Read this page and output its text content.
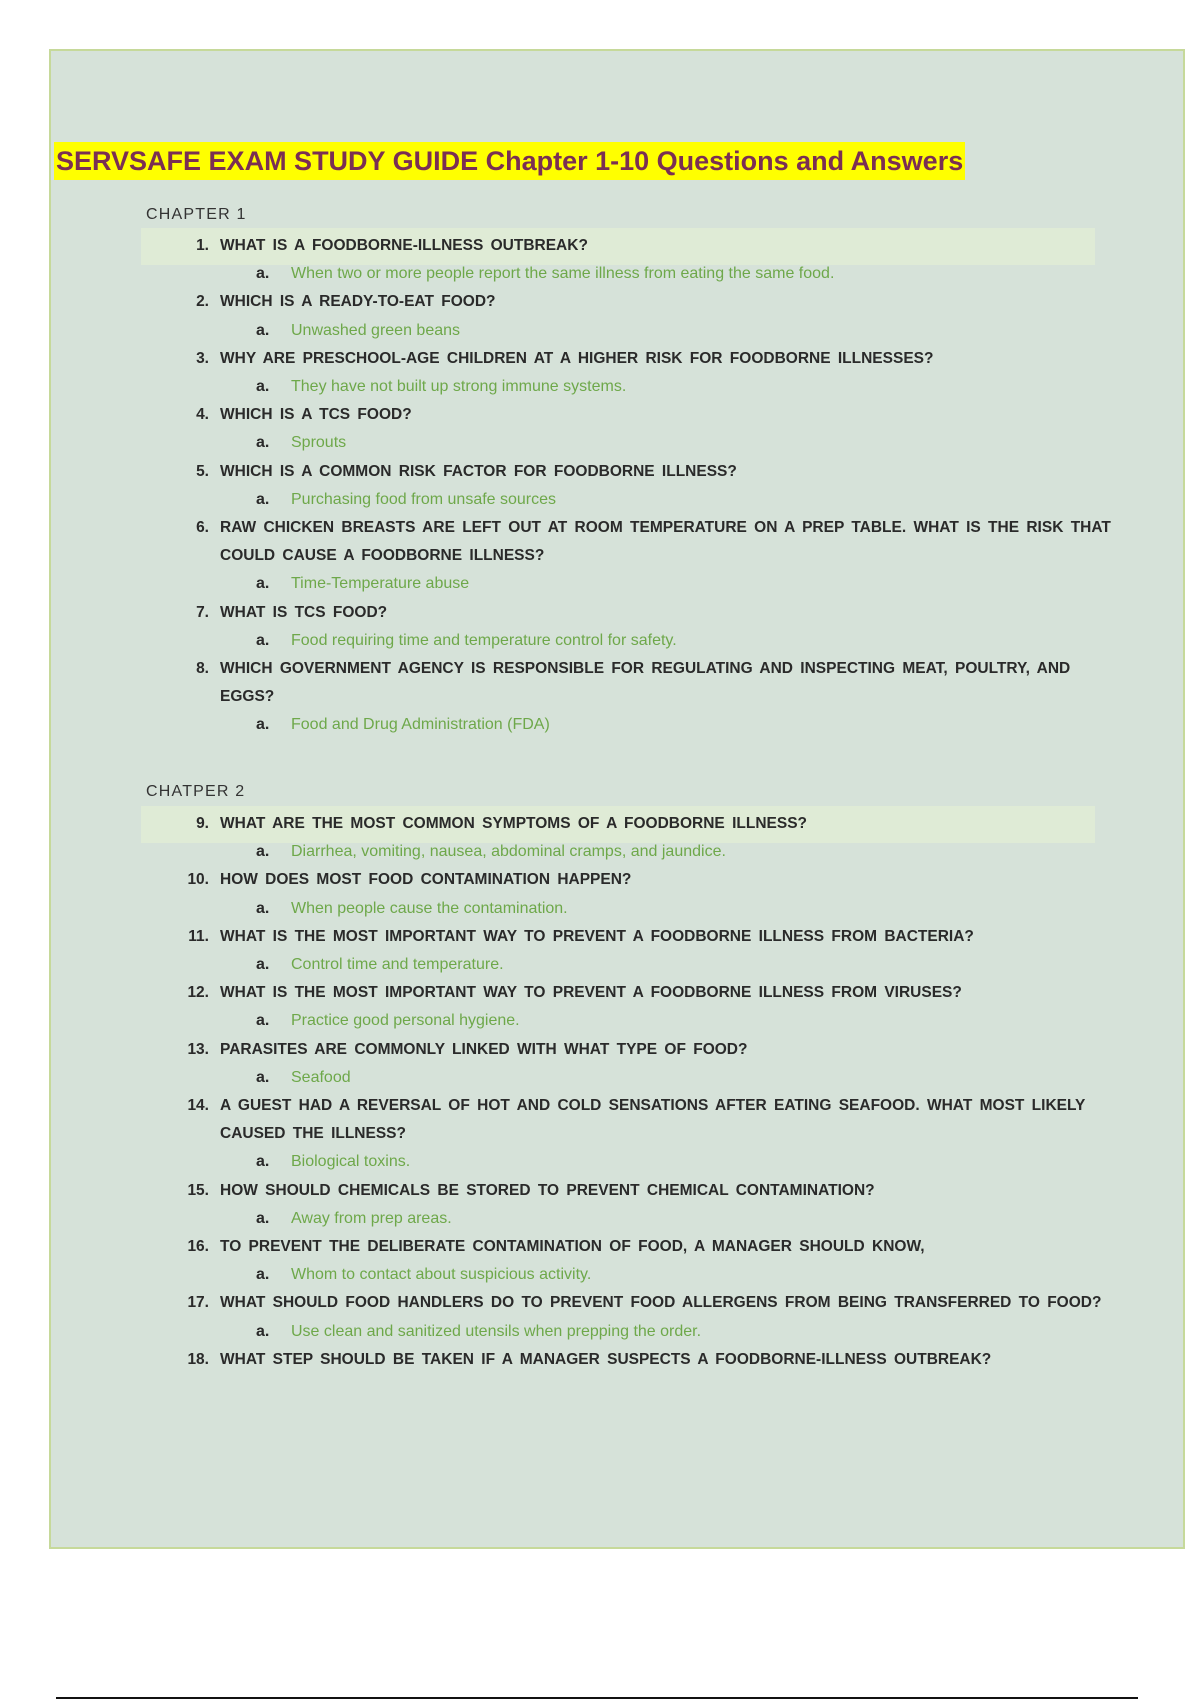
SERVSAFE EXAM STUDY GUIDE Chapter 1-10 Questions and Answers
CHAPTER 1
1. WHAT IS A FOODBORNE-ILLNESS OUTBREAK?
a. When two or more people report the same illness from eating the same food.
2. WHICH IS A READY-TO-EAT FOOD?
a. Unwashed green beans
3. WHY ARE PRESCHOOL-AGE CHILDREN AT A HIGHER RISK FOR FOODBORNE ILLNESSES?
a. They have not built up strong immune systems.
4. WHICH IS A TCS FOOD?
a. Sprouts
5. WHICH IS A COMMON RISK FACTOR FOR FOODBORNE ILLNESS?
a. Purchasing food from unsafe sources
6. RAW CHICKEN BREASTS ARE LEFT OUT AT ROOM TEMPERATURE ON A PREP TABLE. WHAT IS THE RISK THAT COULD CAUSE A FOODBORNE ILLNESS?
a. Time-Temperature abuse
7. WHAT IS TCS FOOD?
a. Food requiring time and temperature control for safety.
8. WHICH GOVERNMENT AGENCY IS RESPONSIBLE FOR REGULATING AND INSPECTING MEAT, POULTRY, AND EGGS?
a. Food and Drug Administration (FDA)
CHATPER 2
9. WHAT ARE THE MOST COMMON SYMPTOMS OF A FOODBORNE ILLNESS?
a. Diarrhea, vomiting, nausea, abdominal cramps, and jaundice.
10. HOW DOES MOST FOOD CONTAMINATION HAPPEN?
a. When people cause the contamination.
11. WHAT IS THE MOST IMPORTANT WAY TO PREVENT A FOODBORNE ILLNESS FROM BACTERIA?
a. Control time and temperature.
12. WHAT IS THE MOST IMPORTANT WAY TO PREVENT A FOODBORNE ILLNESS FROM VIRUSES?
a. Practice good personal hygiene.
13. PARASITES ARE COMMONLY LINKED WITH WHAT TYPE OF FOOD?
a. Seafood
14. A GUEST HAD A REVERSAL OF HOT AND COLD SENSATIONS AFTER EATING SEAFOOD. WHAT MOST LIKELY CAUSED THE ILLNESS?
a. Biological toxins.
15. HOW SHOULD CHEMICALS BE STORED TO PREVENT CHEMICAL CONTAMINATION?
a. Away from prep areas.
16. TO PREVENT THE DELIBERATE CONTAMINATION OF FOOD, A MANAGER SHOULD KNOW,
a. Whom to contact about suspicious activity.
17. WHAT SHOULD FOOD HANDLERS DO TO PREVENT FOOD ALLERGENS FROM BEING TRANSFERRED TO FOOD?
a. Use clean and sanitized utensils when prepping the order.
18. WHAT STEP SHOULD BE TAKEN IF A MANAGER SUSPECTS A FOODBORNE-ILLNESS OUTBREAK?
